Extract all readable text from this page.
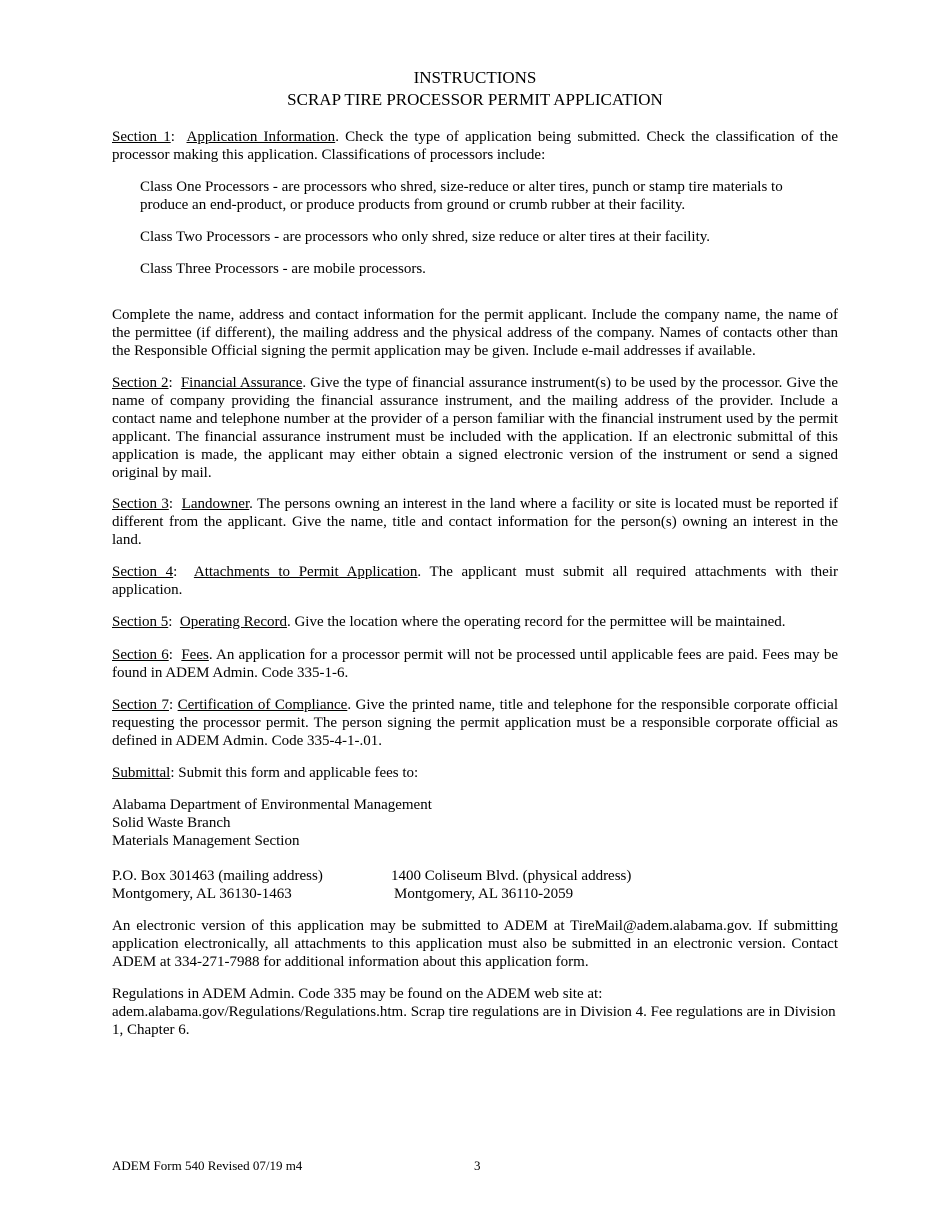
INSTRUCTIONS
SCRAP TIRE PROCESSOR PERMIT APPLICATION
Section 1:  Application Information. Check the type of application being submitted. Check the classification of the processor making this application. Classifications of processors include:
Class One Processors - are processors who shred, size-reduce or alter tires, punch or stamp tire materials to produce an end-product, or produce products from ground or crumb rubber at their facility.
Class Two Processors - are processors who only shred, size reduce or alter tires at their facility.
Class Three Processors - are mobile processors.
Complete the name, address and contact information for the permit applicant. Include the company name, the name of the permittee (if different), the mailing address and the physical address of the company. Names of contacts other than the Responsible Official signing the permit application may be given. Include e-mail addresses if available.
Section 2:  Financial Assurance. Give the type of financial assurance instrument(s) to be used by the processor. Give the name of company providing the financial assurance instrument, and the mailing address of the provider. Include a contact name and telephone number at the provider of a person familiar with the financial instrument used by the permit applicant. The financial assurance instrument must be included with the application. If an electronic submittal of this application is made, the applicant may either obtain a signed electronic version of the instrument or send a signed original by mail.
Section 3:  Landowner. The persons owning an interest in the land where a facility or site is located must be reported if different from the applicant. Give the name, title and contact information for the person(s) owning an interest in the land.
Section 4:  Attachments to Permit Application. The applicant must submit all required attachments with their application.
Section 5:  Operating Record. Give the location where the operating record for the permittee will be maintained.
Section 6:  Fees. An application for a processor permit will not be processed until applicable fees are paid. Fees may be found in ADEM Admin. Code 335-1-6.
Section 7: Certification of Compliance. Give the printed name, title and telephone for the responsible corporate official requesting the processor permit. The person signing the permit application must be a responsible corporate official as defined in ADEM Admin. Code 335-4-1-.01.
Submittal: Submit this form and applicable fees to:
Alabama Department of Environmental Management
Solid Waste Branch
Materials Management Section
P.O. Box 301463 (mailing address)
Montgomery, AL 36130-1463
1400 Coliseum Blvd. (physical address)
Montgomery, AL 36110-2059
An electronic version of this application may be submitted to ADEM at TireMail@adem.alabama.gov. If submitting application electronically, all attachments to this application must also be submitted in an electronic version. Contact ADEM at 334-271-7988 for additional information about this application form.
Regulations in ADEM Admin. Code 335 may be found on the ADEM web site at:
adem.alabama.gov/Regulations/Regulations.htm. Scrap tire regulations are in Division 4. Fee regulations are in Division 1, Chapter 6.
ADEM Form 540 Revised 07/19 m4	3
